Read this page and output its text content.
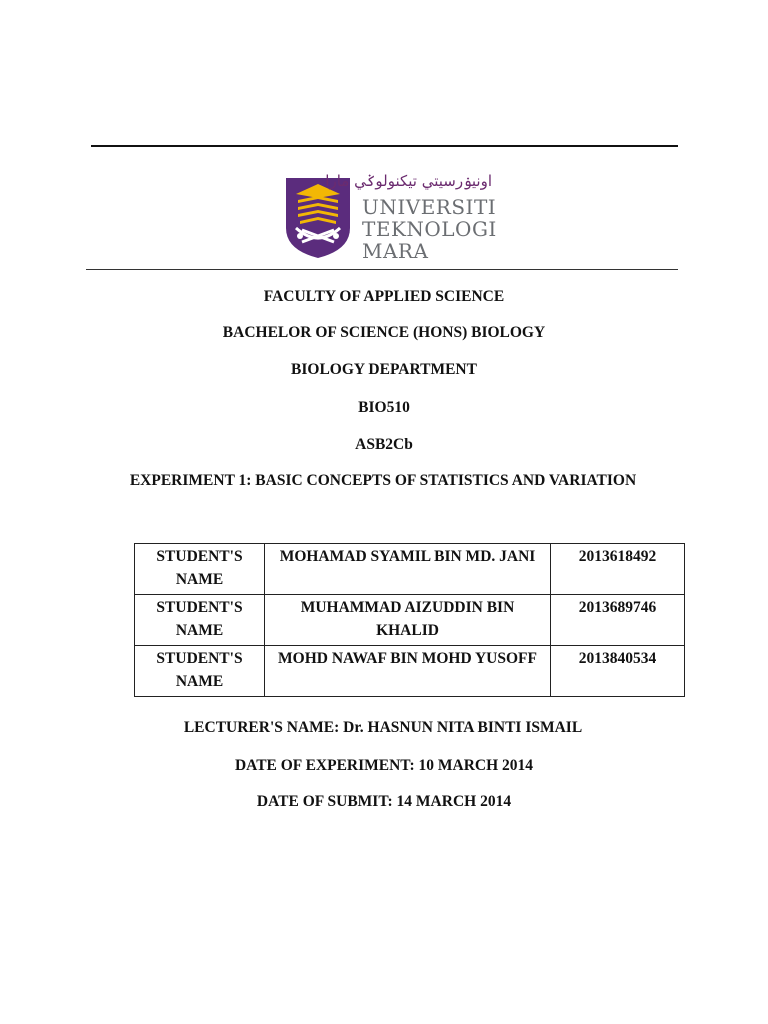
اونيۏرسيتي تيكنولوݢي مارا
UNIVERSITI
TEKNOLOGI
MARA
FACULTY OF APPLIED SCIENCE
BACHELOR OF SCIENCE (HONS) BIOLOGY
BIOLOGY DEPARTMENT
BIO510
ASB2Cb
EXPERIMENT 1: BASIC CONCEPTS OF STATISTICS AND VARIATION
STUDENT'S NAME	MOHAMAD SYAMIL BIN MD. JANI	2013618492
STUDENT'S NAME	MUHAMMAD AIZUDDIN BIN KHALID	2013689746
STUDENT'S NAME	MOHD NAWAF BIN MOHD YUSOFF	2013840534
LECTURER'S NAME: Dr. HASNUN NITA BINTI ISMAIL
DATE OF EXPERIMENT: 10 MARCH 2014
DATE OF SUBMIT: 14 MARCH 2014
